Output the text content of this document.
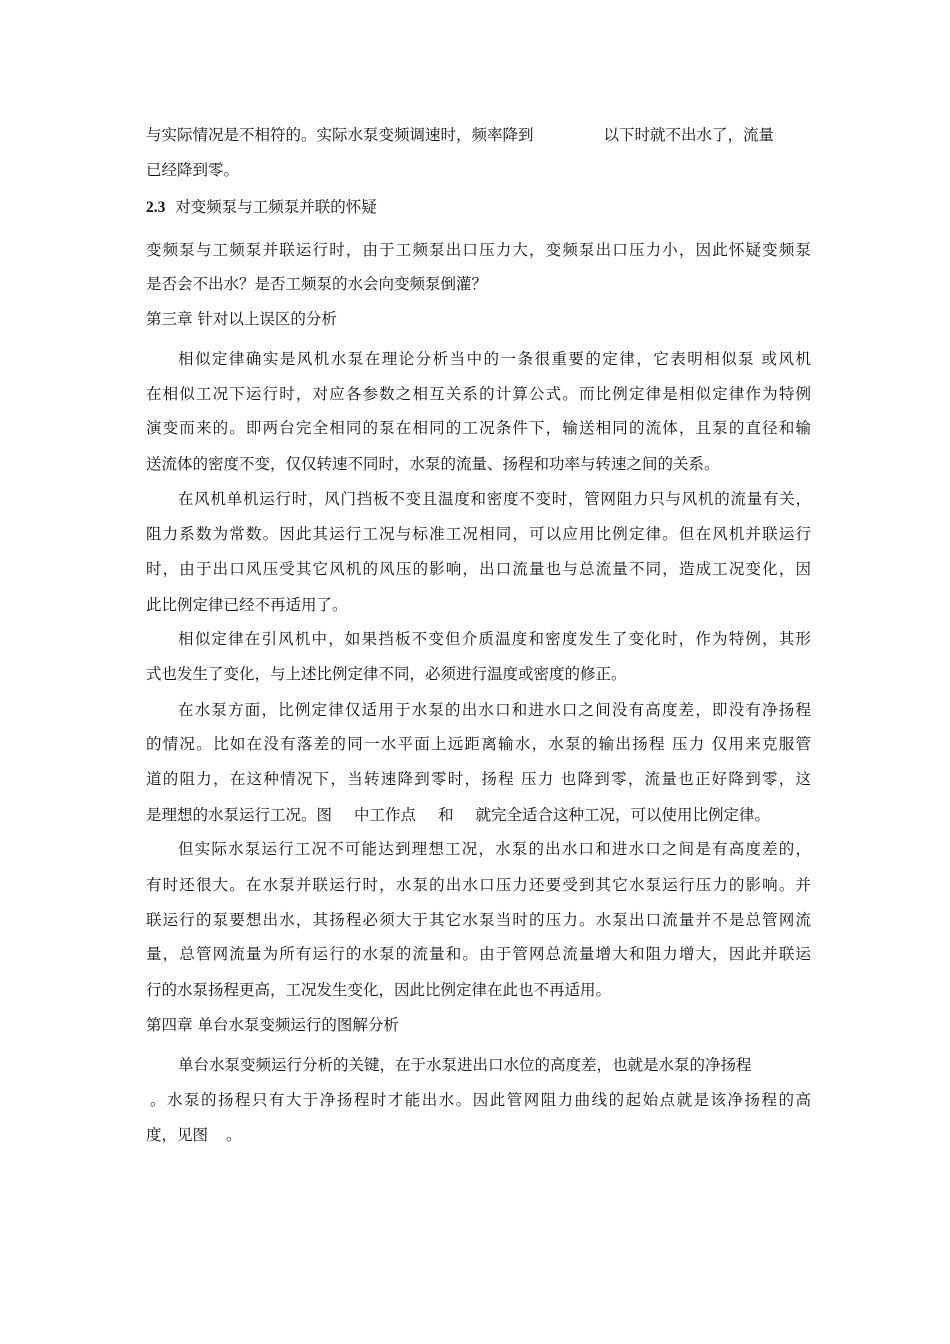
与实际情况是不相符的。实际水泵变频调速时，频率降到	以下时就不出水了，流量
已经降到零。
2.3 对变频泵与工频泵并联的怀疑
变频泵与工频泵并联运行时，由于工频泵出口压力大，变频泵出口压力小，因此怀疑变频泵
是否会不出水？是否工频泵的水会向变频泵倒灌？
第三章 针对以上误区的分析
相似定律确实是风机水泵在理论分析当中的一条很重要的定律，它表明相似泵 或风机
在相似工况下运行时，对应各参数之相互关系的计算公式。而比例定律是相似定律作为特例
演变而来的。即两台完全相同的泵在相同的工况条件下，输送相同的流体，且泵的直径和输
送流体的密度不变，仅仅转速不同时，水泵的流量、扬程和功率与转速之间的关系。
在风机单机运行时，风门挡板不变且温度和密度不变时，管网阻力只与风机的流量有关，
阻力系数为常数。因此其运行工况与标准工况相同，可以应用比例定律。但在风机并联运行
时，由于出口风压受其它风机的风压的影响，出口流量也与总流量不同，造成工况变化，因
此比例定律已经不再适用了。
相似定律在引风机中，如果挡板不变但介质温度和密度发生了变化时，作为特例，其形
式也发生了变化，与上述比例定律不同，必须进行温度或密度的修正。
在水泵方面，比例定律仅适用于水泵的出水口和进水口之间没有高度差，即没有净扬程
的情况。比如在没有落差的同一水平面上远距离输水，水泵的输出扬程 压力 仅用来克服管
道的阻力，在这种情况下，当转速降到零时，扬程 压力 也降到零，流量也正好降到零，这
是理想的水泵运行工况。图 中工作点 和 就完全适合这种工况，可以使用比例定律。
但实际水泵运行工况不可能达到理想工况，水泵的出水口和进水口之间是有高度差的，
有时还很大。在水泵并联运行时，水泵的出水口压力还要受到其它水泵运行压力的影响。并
联运行的泵要想出水，其扬程必须大于其它水泵当时的压力。水泵出口流量并不是总管网流
量，总管网流量为所有运行的水泵的流量和。由于管网总流量增大和阻力增大，因此并联运
行的水泵扬程更高，工况发生变化，因此比例定律在此也不再适用。
第四章 单台水泵变频运行的图解分析
单台水泵变频运行分析的关键，在于水泵进出口水位的高度差，也就是水泵的净扬程
。水泵的扬程只有大于净扬程时才能出水。因此管网阻力曲线的起始点就是该净扬程的高
度，见图 。
